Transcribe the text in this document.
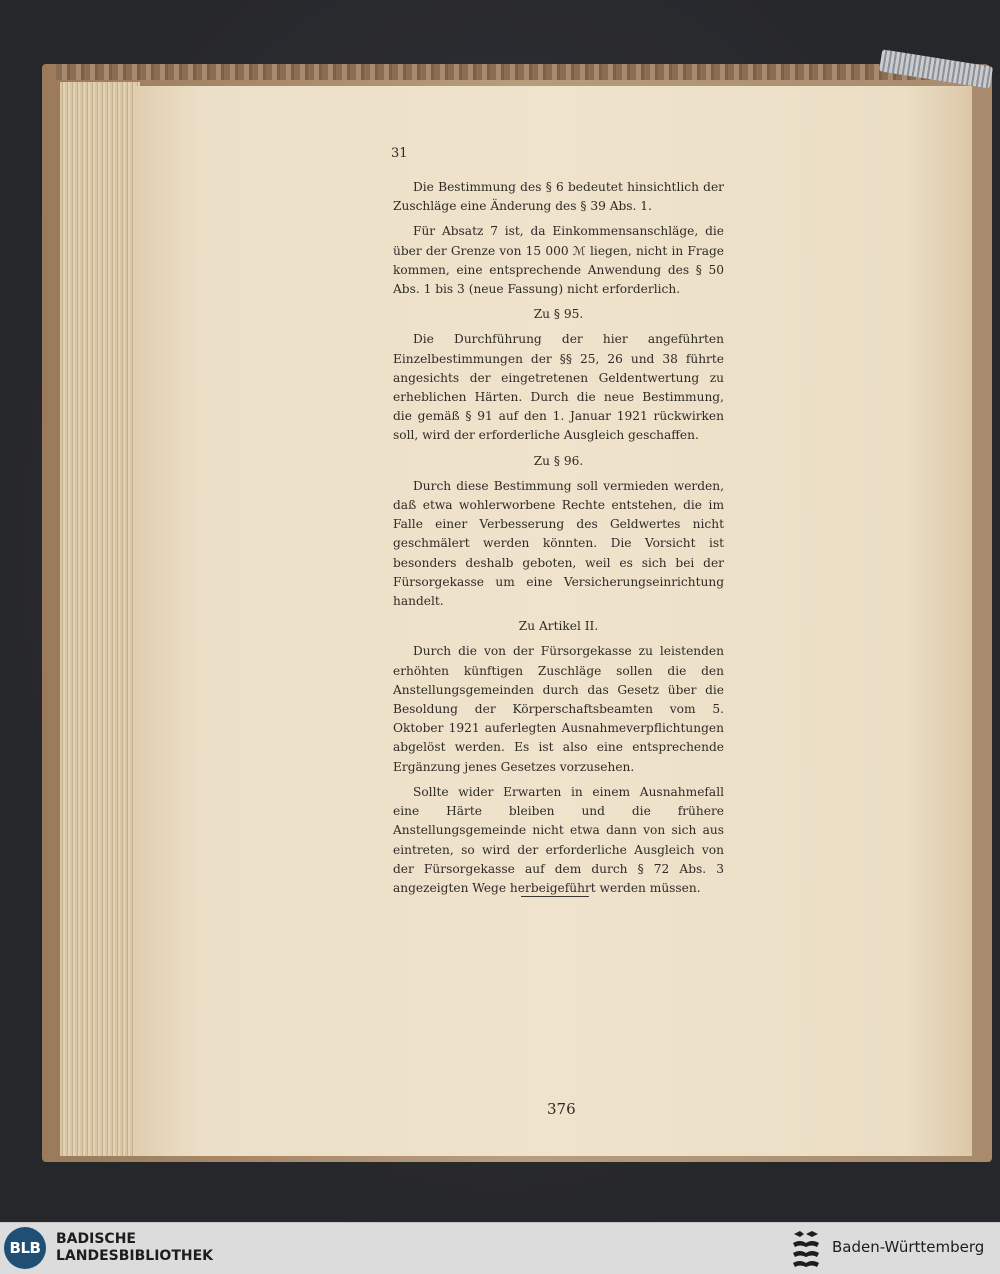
31

Die Bestimmung des § 6 bedeutet hinsichtlich der Zuschläge eine Änderung des § 39 Abs. 1.

Für Absatz 7 ist, da Einkommensanschläge, die über der Grenze von 15 000 ℳ liegen, nicht in Frage kommen, eine entsprechende Anwendung des § 50 Abs. 1 bis 3 (neue Fassung) nicht erforderlich.

Zu § 95.

Die Durchführung der hier angeführten Einzelbestimmungen der §§ 25, 26 und 38 führte angesichts der eingetretenen Geldentwertung zu erheblichen Härten. Durch die neue Bestimmung, die gemäß § 91 auf den 1. Januar 1921 rückwirken soll, wird der erforderliche Ausgleich geschaffen.

Zu § 96.

Durch diese Bestimmung soll vermieden werden, daß etwa wohlerworbene Rechte entstehen, die im Falle einer Verbesserung des Geldwertes nicht geschmälert werden könnten. Die Vorsicht ist besonders deshalb geboten, weil es sich bei der Fürsorgekasse um eine Versicherungseinrichtung handelt.

Zu Artikel II.

Durch die von der Fürsorgekasse zu leistenden erhöhten künftigen Zuschläge sollen die den Anstellungsgemeinden durch das Gesetz über die Besoldung der Körperschaftsbeamten vom 5. Oktober 1921 auferlegten Ausnahmeverpflichtungen abgelöst werden. Es ist also eine entsprechende Ergänzung jenes Gesetzes vorzusehen.

Sollte wider Erwarten in einem Ausnahmefall eine Härte bleiben und die frühere Anstellungsgemeinde nicht etwa dann von sich aus eintreten, so wird der erforderliche Ausgleich von der Fürsorgekasse auf dem durch § 72 Abs. 3 angezeigten Wege herbeigeführt werden müssen.

376
BLB	BADISCHE
LANDESBIBLIOTHEK	Baden-Württemberg
